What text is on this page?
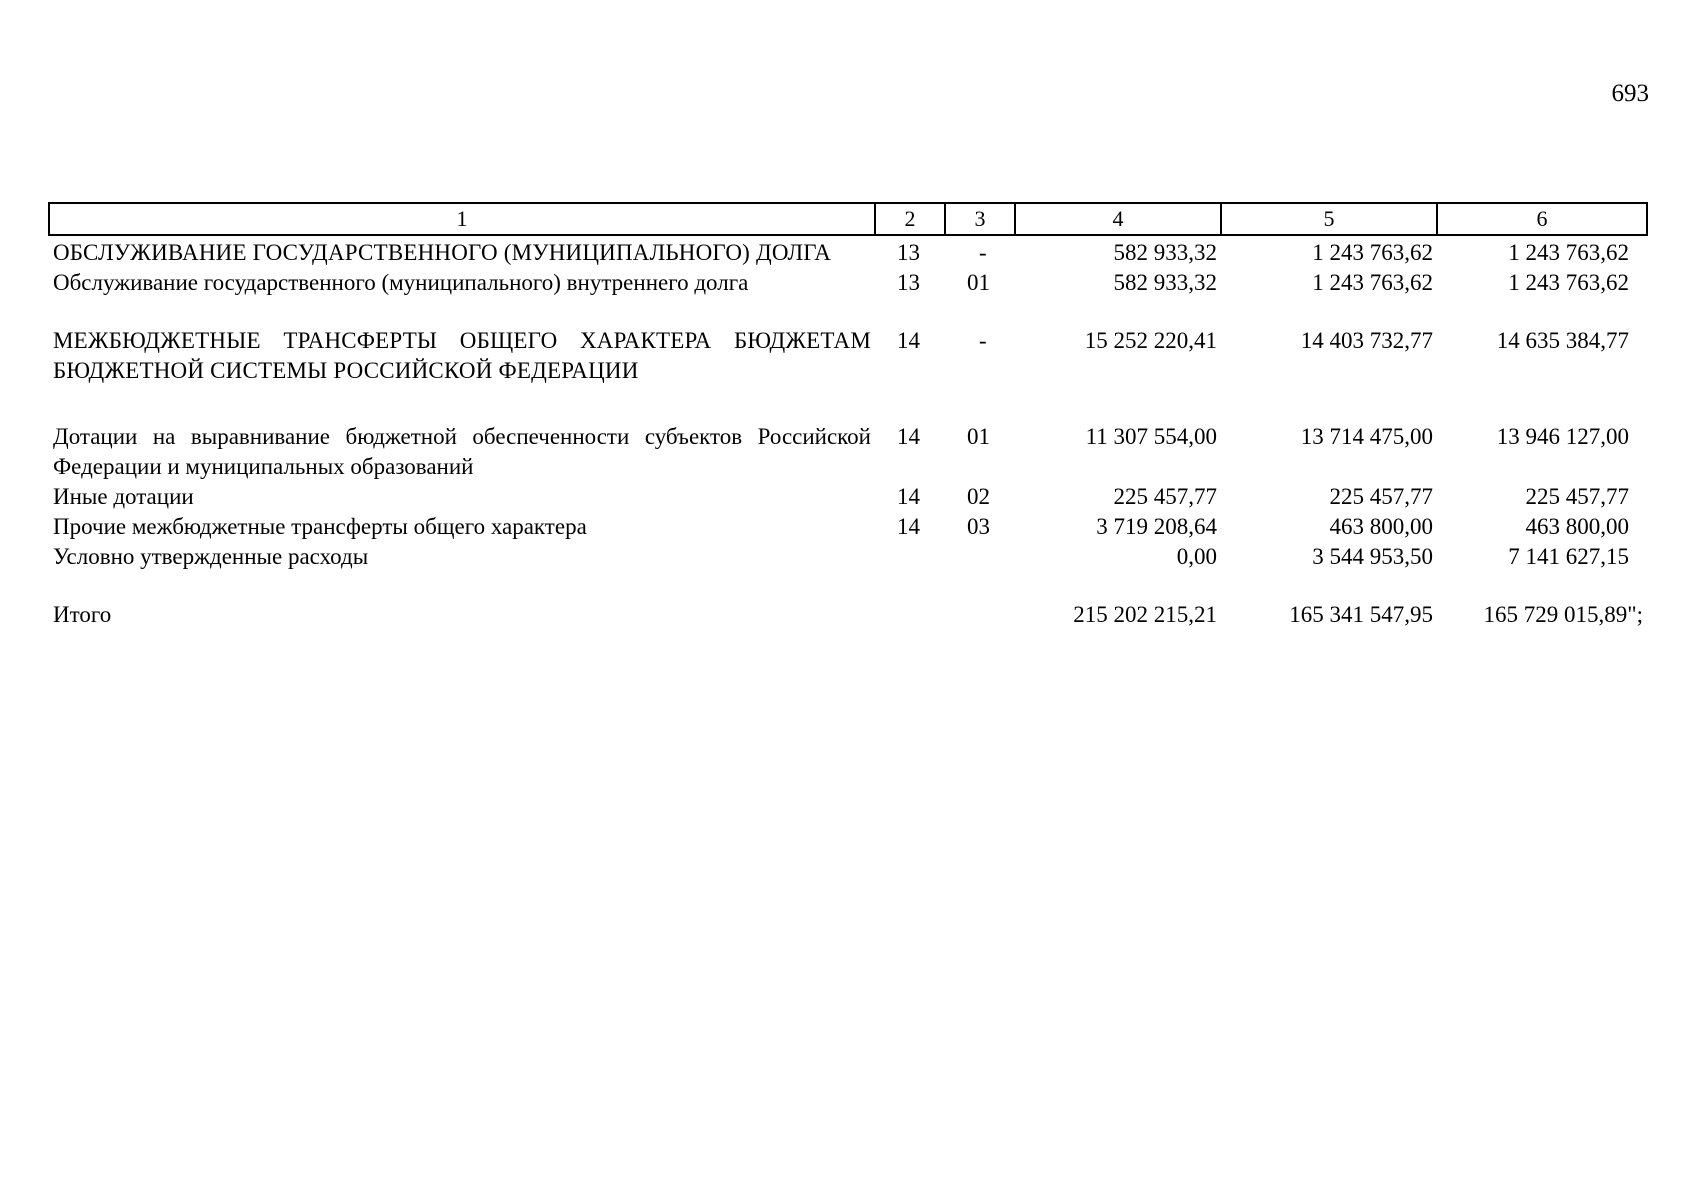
693
1	2	3	4	5	6
ОБСЛУЖИВАНИЕ ГОСУДАРСТВЕННОГО (МУНИЦИПАЛЬНОГО) ДОЛГА	13	-	582 933,32	1 243 763,62	1 243 763,62
Обслуживание государственного (муниципального) внутреннего долга	13	01	582 933,32	1 243 763,62	1 243 763,62
МЕЖБЮДЖЕТНЫЕ ТРАНСФЕРТЫ ОБЩЕГО ХАРАКТЕРА БЮДЖЕТАМ БЮДЖЕТНОЙ СИСТЕМЫ РОССИЙСКОЙ ФЕДЕРАЦИИ	14	-	15 252 220,41	14 403 732,77	14 635 384,77
Дотации на выравнивание бюджетной обеспеченности субъектов Российской Федерации и муниципальных образований	14	01	11 307 554,00	13 714 475,00	13 946 127,00
Иные дотации	14	02	225 457,77	225 457,77	225 457,77
Прочие межбюджетные трансферты общего характера	14	03	3 719 208,64	463 800,00	463 800,00
Условно утвержденные расходы			0,00	3 544 953,50	7 141 627,15
Итого			215 202 215,21	165 341 547,95	165 729 015,89";
